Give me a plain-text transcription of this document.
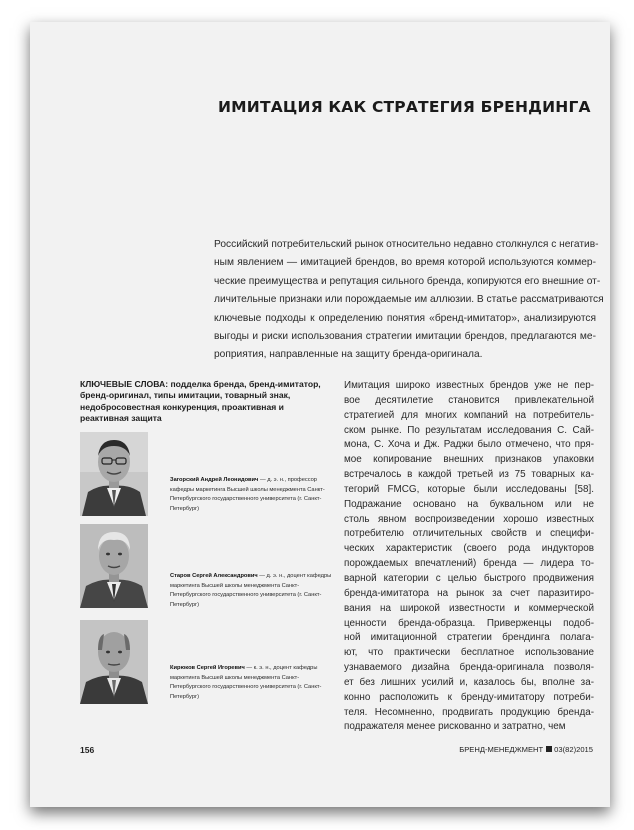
ИМИТАЦИЯ КАК СТРАТЕГИЯ БРЕНДИНГА
Российский потребительский рынок относительно недавно столкнулся с негатив-
ным явлением — имитацией брендов, во время которой используются коммер-
ческие преимущества и репутация сильного бренда, копируются его внешние от-
личительные признаки или порождаемые им аллюзии. В статье рассматриваются
ключевые подходы к определению понятия «бренд-имитатор», анализируются
выгоды и риски использования стратегии имитации брендов, предлагаются ме-
роприятия, направленные на защиту бренда-оригинала.

КЛЮЧЕВЫЕ СЛОВА: подделка бренда, бренд-имитатор, бренд-оригинал, типы имитации, товарный знак, недобросовестная конкуренция, проактивная и реактивная защита

Загорский Андрей Леонидович — д. э. н., профессор кафедры маркетинга Высшей школы менеджмента Санкт-Петербургского государственного университета (г. Санкт-Петербург)

Старов Сергей Александрович — д. э. н., доцент кафедры маркетинга Высшей школы менеджмента Санкт-Петербургского государственного университета (г. Санкт-Петербург)

Кирюков Сергей Игоревич — к. э. н., доцент кафедры маркетинга Высшей школы менеджмента Санкт-Петербургского государственного университета (г. Санкт-Петербург)

Имитация широко известных брендов уже не пер-
вое десятилетие становится привлекательной
стратегией для многих компаний на потребитель-
ском рынке. По результатам исследования С. Сай-
мона, С. Хоча и Дж. Раджи было отмечено, что пря-
мое копирование внешних признаков упаковки
встречалось в каждой третьей из 75 товарных ка-
тегорий FMCG, которые были исследованы [58].
Подражание основано на буквальном или не
столь явном воспроизведении хорошо известных
потребителю отличительных свойств и специфи-
ческих характеристик (своего рода индукторов
порождаемых впечатлений) бренда — лидера то-
варной категории с целью быстрого продвижения
бренда-имитатора на рынок за счет паразитиро-
вания на широкой известности и коммерческой
ценности бренда-образца. Приверженцы подоб-
ной имитационной стратегии брендинга полага-
ют, что практически бесплатное использование
узнаваемого дизайна бренда-оригинала позволя-
ет без лишних усилий и, казалось бы, вполне за-
конно расположить к бренду-имитатору потреби-
теля. Несомненно, продвигать продукцию бренда-
подражателя менее рискованно и затратно, чем
156	БРЕНД-МЕНЕДЖМЕНТ 03(82)2015
